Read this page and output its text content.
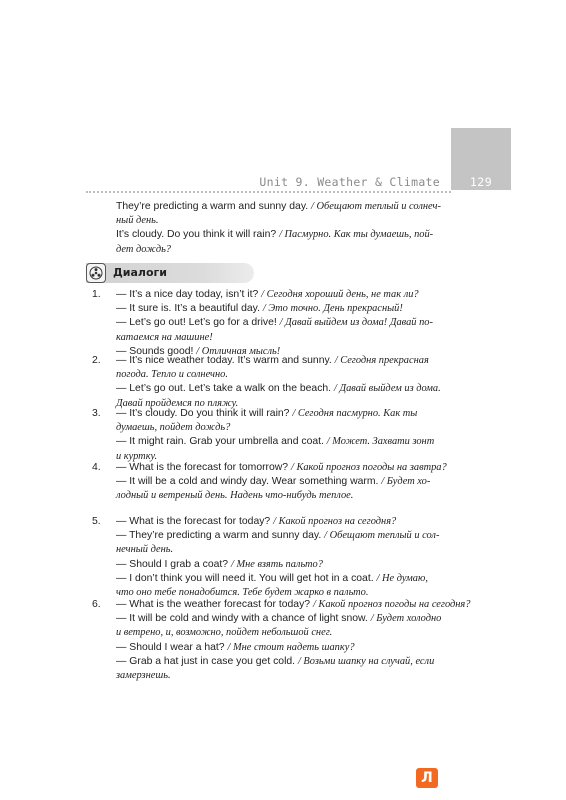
129
Unit 9. Weather & Climate
Диалоги
They’re predicting a warm and sunny day. / Обещают теплый и солнеч-
ный день.
It’s cloudy. Do you think it will rain? / Пасмурно. Как ты думаешь, пой-
дет дождь?
1. — It’s a nice day today, isn’t it? / Сегодня хороший день, не так ли?
— It sure is. It’s a beautiful day. / Это точно. День прекрасный!
— Let’s go out! Let’s go for a drive! / Давай выйдем из дома! Давай по-
катаемся на машине!
— Sounds good! / Отличная мысль!
2. — It’s nice weather today. It’s warm and sunny. / Сегодня прекрасная
погода. Тепло и солнечно.
— Let’s go out. Let’s take a walk on the beach. / Давай выйдем из дома.
Давай пройдемся по пляжу.
3. — It’s cloudy. Do you think it will rain? / Сегодня пасмурно. Как ты
думаешь, пойдет дождь?
— It might rain. Grab your umbrella and coat. / Может. Захвати зонт
и куртку.
4. — What is the forecast for tomorrow? / Какой прогноз погоды на завтра?
— It will be a cold and windy day. Wear something warm. / Будет хо-
лодный и ветреный день. Надень что-нибудь теплое.
5. — What is the forecast for today? / Какой прогноз на сегодня?
— They’re predicting a warm and sunny day. / Обещают теплый и сол-
нечный день.
— Should I grab a coat? / Мне взять пальто?
— I don’t think you will need it. You will get hot in a coat. / Не думаю,
что оно тебе понадобится. Тебе будет жарко в пальто.
6. — What is the weather forecast for today? / Какой прогноз погоды на сегодня?
— It will be cold and windy with a chance of light snow. / Будет холодно
и ветрено, и, возможно, пойдет небольшой снег.
— Should I wear a hat? / Мне стоит надеть шапку?
— Grab a hat just in case you get cold. / Возьми шапку на случай, если
замерзнешь.
Л
